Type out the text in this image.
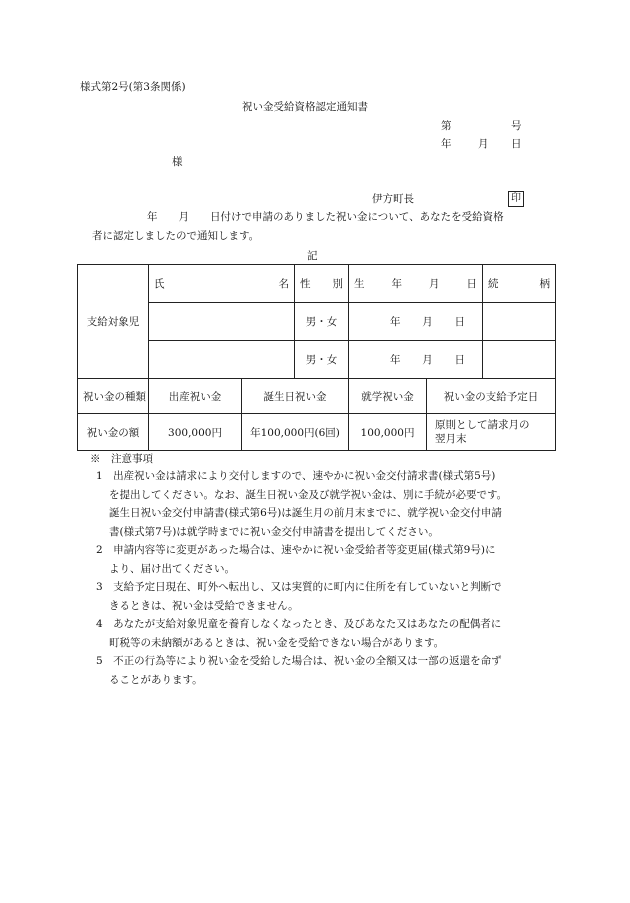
様式第2号(第3条関係)
祝い金受給資格認定通知書
第	号
年	月 日
様
伊方町長	印
年　　月　　日付けで申請のありました祝い金について、あなたを受給資格
者に認定しましたので通知します。
記
支給対象児	氏 名		性 別	生 年 月 日		続 柄

			男・女	年 月 日		

			男・女	年 月 日		

祝い金の種類	出産祝い金	誕生日祝い金		就学祝い金	祝い金の支給予定日	
祝い金の額	300,000円	年100,000円(6回)		100,000円	原則として請求月の
翌月末	
※　注意事項
1　出産祝い金は請求により交付しますので、速やかに祝い金交付請求書(様式第5号)
を提出してください。なお、誕生日祝い金及び就学祝い金は、別に手続が必要です。
誕生日祝い金交付申請書(様式第6号)は誕生月の前月末までに、就学祝い金交付申請
書(様式第7号)は就学時までに祝い金交付申請書を提出してください。
2　申請内容等に変更があった場合は、速やかに祝い金受給者等変更届(様式第9号)に
より、届け出てください。
3　支給予定日現在、町外へ転出し、又は実質的に町内に住所を有していないと判断で
きるときは、祝い金は受給できません。
4　あなたが支給対象児童を養育しなくなったとき、及びあなた又はあなたの配偶者に
町税等の未納額があるときは、祝い金を受給できない場合があります。
5　不正の行為等により祝い金を受給した場合は、祝い金の全額又は一部の返還を命ず
ることがあります。
